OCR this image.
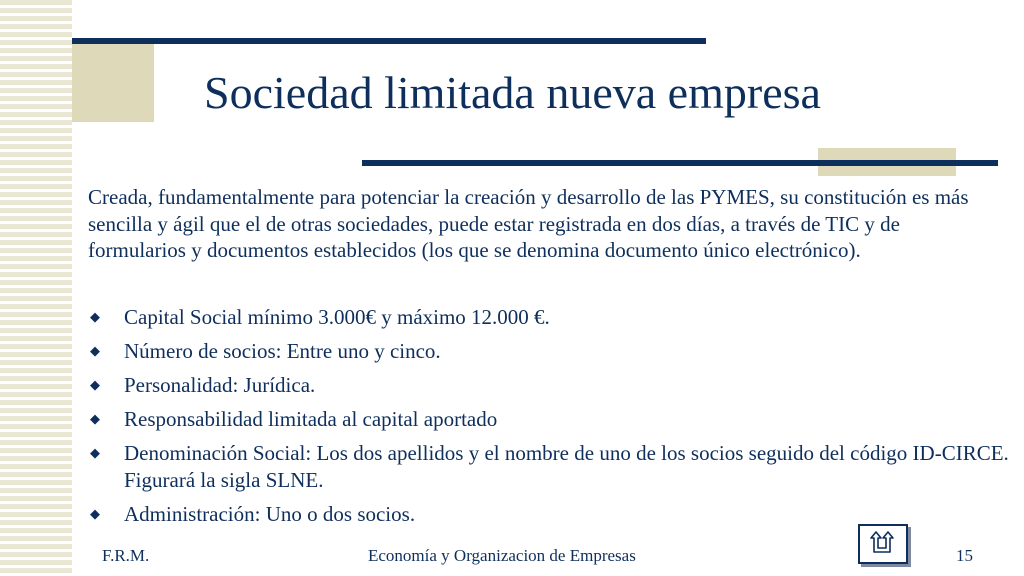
Sociedad limitada nueva empresa

Creada, fundamentalmente para potenciar la creación y desarrollo de las PYMES, su constitución es más sencilla y ágil que el de otras sociedades, puede estar registrada en dos días, a través de TIC y de formularios y documentos establecidos (los que se denomina documento único electrónico).

◆ Capital Social mínimo 3.000€ y máximo 12.000 €.
◆ Número de socios: Entre uno y cinco.
◆ Personalidad: Jurídica.
◆ Responsabilidad limitada al capital aportado
◆ Denominación Social: Los dos apellidos y el nombre de uno de los socios seguido del código ID-CIRCE. Figurará la sigla SLNE.
◆ Administración: Uno o dos socios.
F.R.M.	Economía y Organizacion de Empresas	15
